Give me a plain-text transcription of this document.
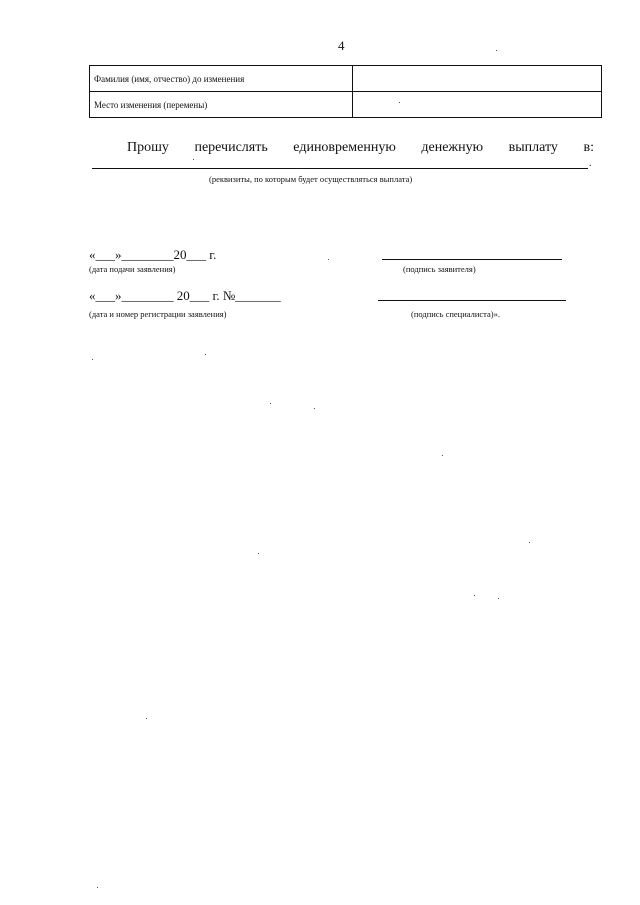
4
Фамилия (имя, отчество) до изменения	
Место изменения (перемены)	
Прошу перечислять единовременную денежную выплату в:
.
(реквизиты, по которым будет осуществляться выплата)
«___»________20___ г.
(дата подачи заявления)	(подпись заявителя)
«___»________ 20___ г. №_______
(дата и номер регистрации заявления)	(подпись специалиста)».
